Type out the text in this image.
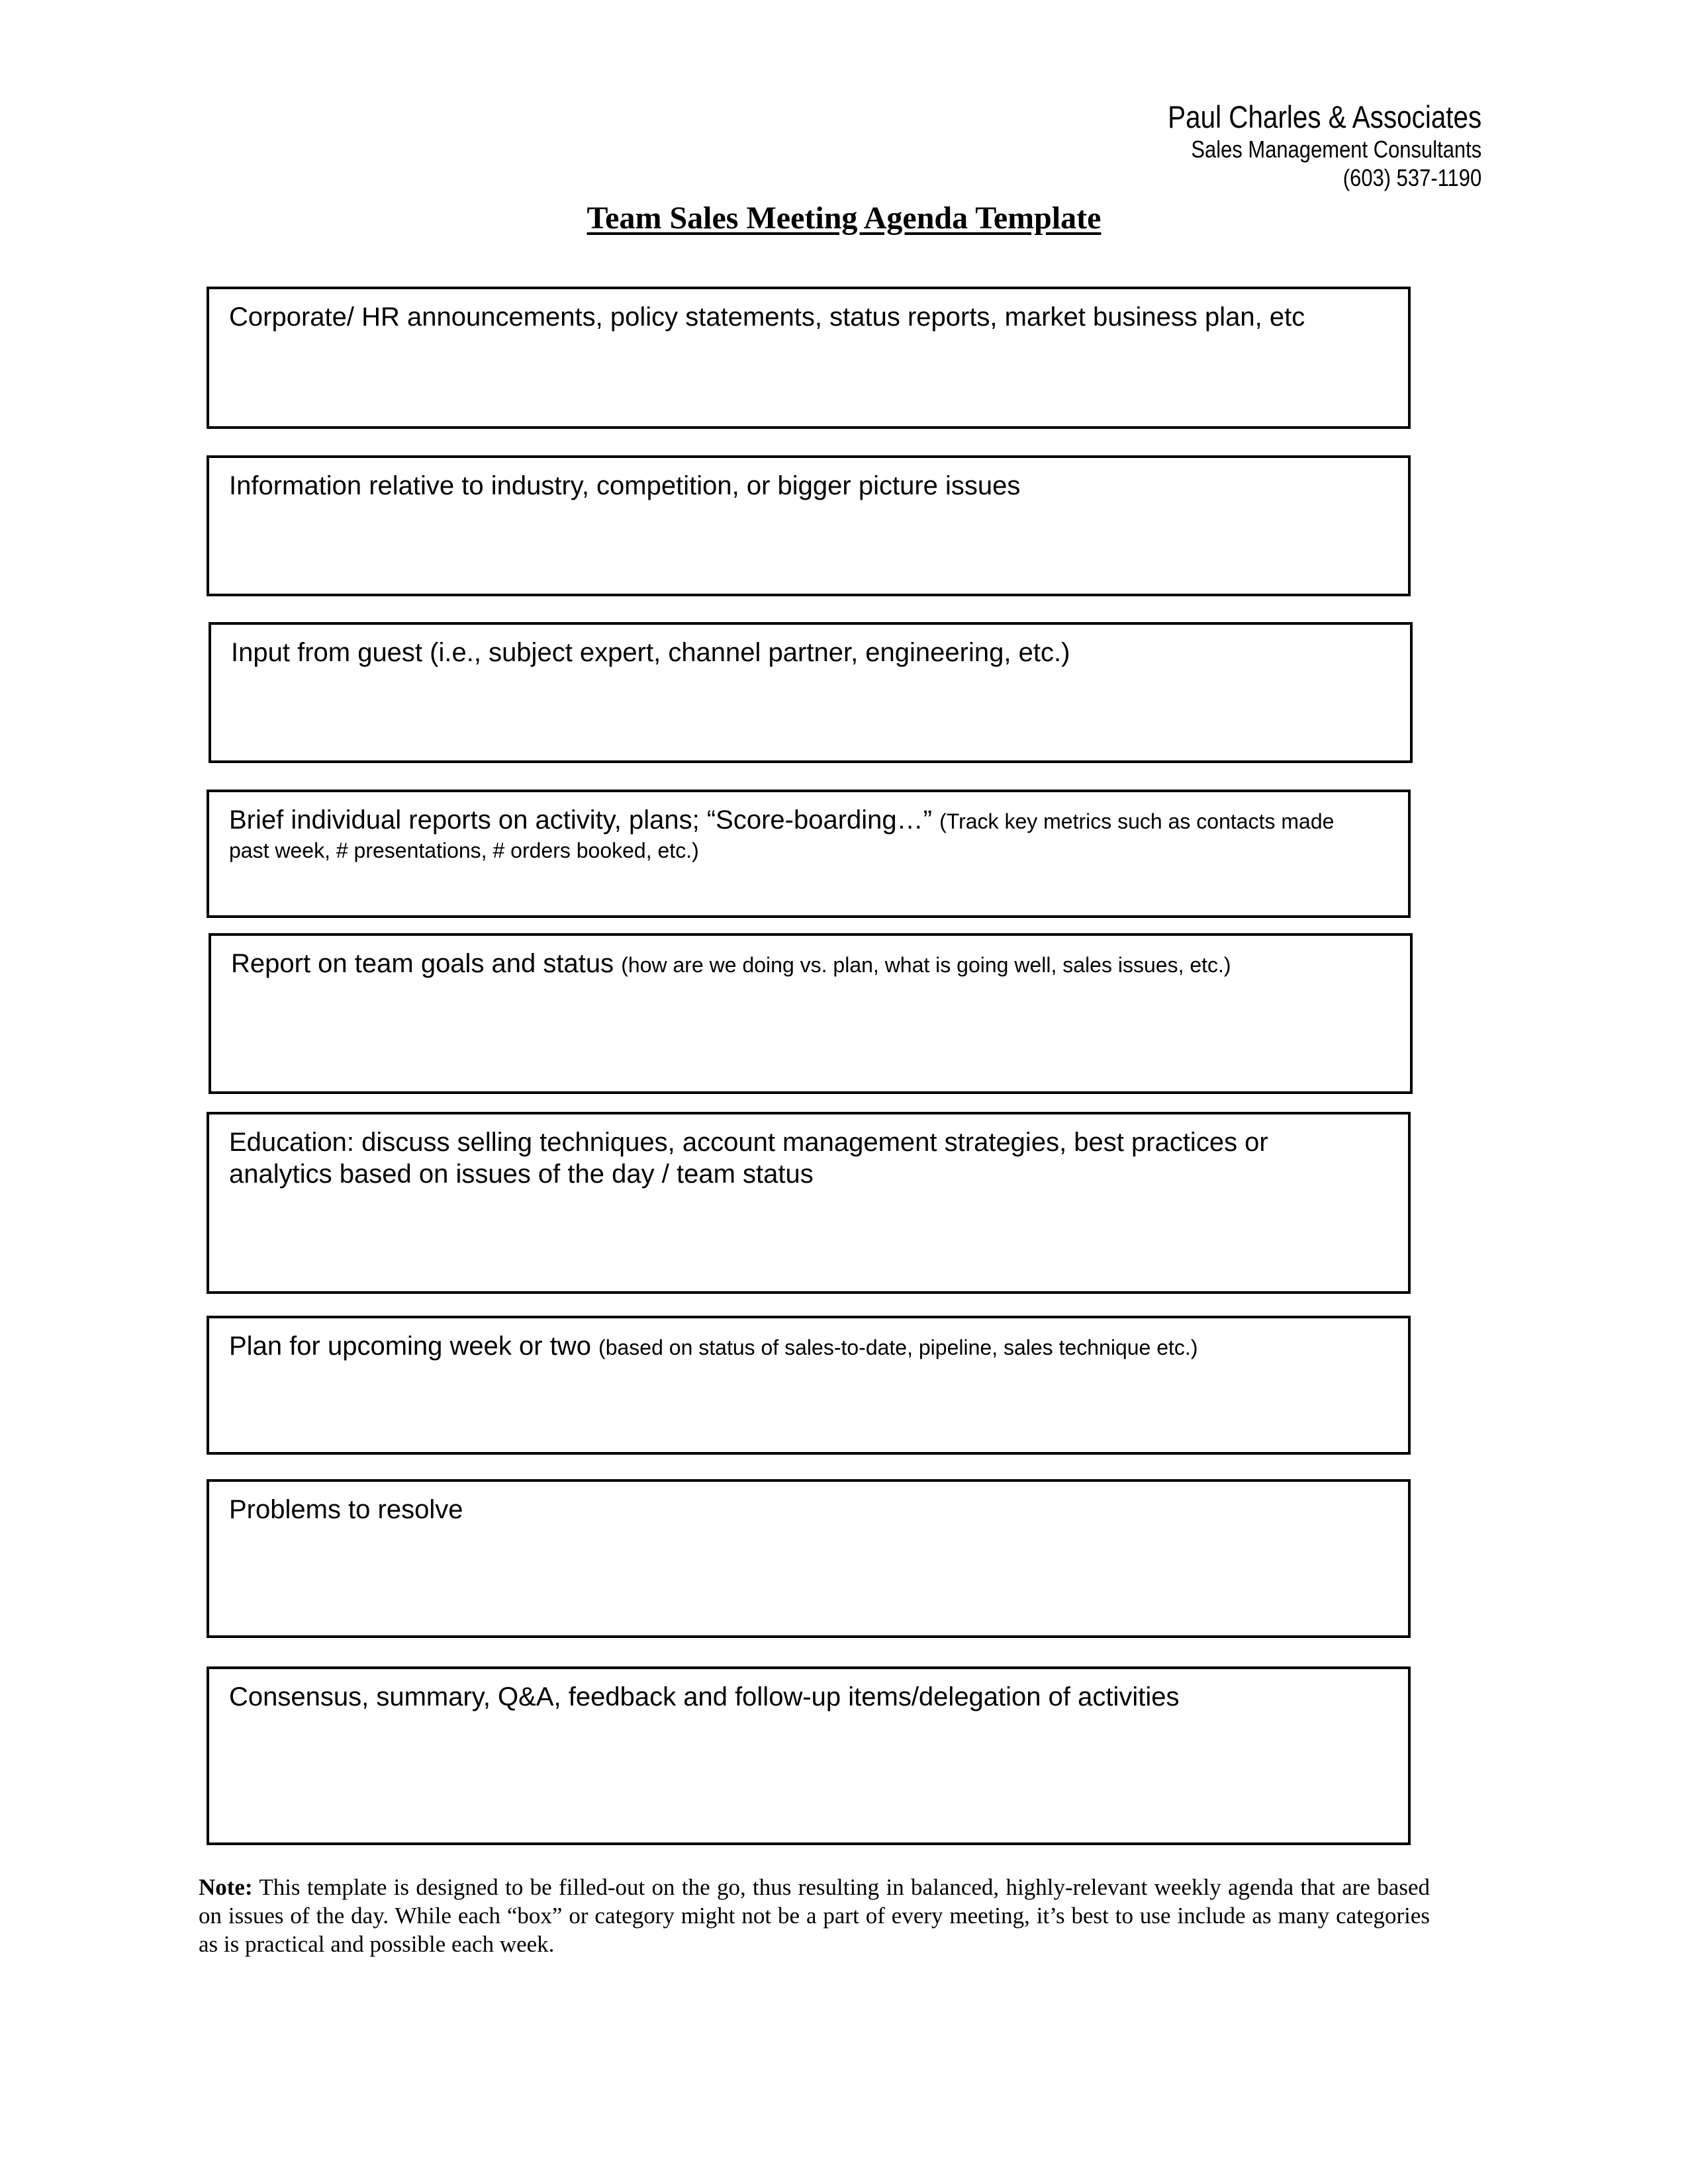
Paul Charles & Associates
Sales Management Consultants
(603) 537-1190
Team Sales Meeting Agenda Template
Corporate/ HR announcements, policy statements, status reports, market business plan, etc
Information relative to industry, competition, or bigger picture issues
Input from guest (i.e., subject expert, channel partner, engineering, etc.)
Brief individual reports on activity, plans; “Score-boarding…” (Track key metrics such as contacts made
past week, # presentations, # orders booked, etc.)
Report on team goals and status (how are we doing vs. plan, what is going well, sales issues, etc.)
Education: discuss selling techniques, account management strategies, best practices or analytics based on issues of the day / team status
Plan for upcoming week or two (based on status of sales-to-date, pipeline, sales technique etc.)
Problems to resolve
Consensus, summary, Q&A, feedback and follow-up items/delegation of activities
Note: This template is designed to be filled-out on the go, thus resulting in balanced, highly-relevant weekly agenda that are based on issues of the day. While each “box” or category might not be a part of every meeting, it’s best to use include as many categories as is practical and possible each week.
